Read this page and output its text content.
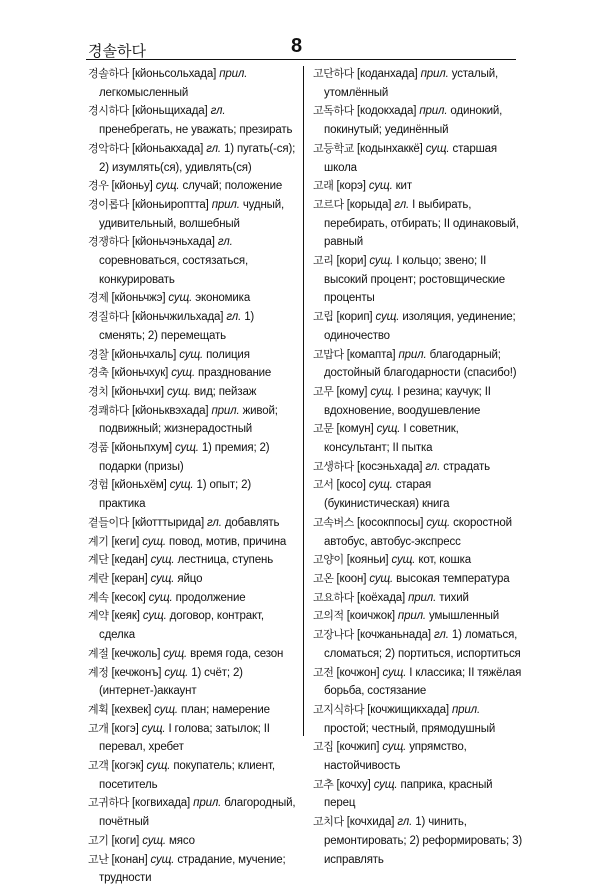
경솔하다	8

경솔하다 [кйоньсольхада] прил. легкомысленный

경시하다 [кйоньщихада] гл. пренебрегать, не уважать; презирать

경악하다 [кйоньакхада] гл. 1) пугать(-ся); 2) изумлять(ся), удивлять(ся)

경우 [кйоньу] сущ. случай; положение

경이롭다 [кйоньироптта] прил. чудный, удивительный, волшебный

경쟁하다 [кйоньчэньхада] гл. соревноваться, состязаться, конкурировать

경제 [кйоньчжэ] сущ. экономика

경질하다 [кйоньчжильхада] гл. 1) сменять; 2) перемещать

경찰 [кйоньчхаль] сущ. полиция

경축 [кйоньчхук] сущ. празднование

경치 [кйоньчхи] сущ. вид; пейзаж

경쾌하다 [кйоньквэхада] прил. живой; подвижный; жизнерадостный

경품 [кйоньпхум] сущ. 1) премия; 2) подарки (призы)

경험 [кйоньхём] сущ. 1) опыт; 2) практика

곁들이다 [кйотттырида] гл. добавлять

계기 [кеги] сущ. повод, мотив, причина

계단 [кедан] сущ. лестница, ступень

계란 [керан] сущ. яйцо

계속 [кесок] сущ. продолжение

계약 [кеяк] сущ. договор, контракт, сделка

계절 [кечжоль] сущ. время года, сезон

계정 [кечжонъ] сущ. 1) счёт; 2) (интернет-)аккаунт

계획 [кехвек] сущ. план; намерение

고개 [когэ] сущ. I голова; затылок; II перевал, хребет

고객 [когэк] сущ. покупатель; клиент, посетитель

고귀하다 [когвихада] прил. благородный, почётный

고기 [коги] сущ. мясо

고난 [конан] сущ. страдание, мучение; трудности

고단하다 [коданхада] прил. усталый, утомлённый

고독하다 [кодокхада] прил. одинокий, покинутый; уединённый

고등학교 [кодынхаккё] сущ. старшая школа

고래 [корэ] сущ. кит

고르다 [корыда] гл. I выбирать, перебирать, отбирать; II одинаковый, равный

고리 [кори] сущ. I кольцо; звено; II высокий процент; ростовщические проценты

고립 [корип] сущ. изоляция, уединение; одиночество

고맙다 [комапта] прил. благодарный; достойный благодарности (спасибо!)

고무 [кому] сущ. I резина; каучук; II вдохновение, воодушевление

고문 [комун] сущ. I советник, консультант; II пытка

고생하다 [косэньхада] гл. страдать

고서 [косо] сущ. старая (букинистическая) книга

고속버스 [косокппосы] сущ. скоростной автобус, автобус-экспресс

고양이 [кояньи] сущ. кот, кошка

고온 [коон] сущ. высокая температура

고요하다 [коёхада] прил. тихий

고의적 [коичжок] прил. умышленный

고장나다 [кочжаньнада] гл. 1) ломаться, сломаться; 2) портиться, испортиться

고전 [кочжон] сущ. I классика; II тяжёлая борьба, состязание

고지식하다 [кочжищикхада] прил. простой; честный, прямодушный

고집 [кочжип] сущ. упрямство, настойчивость

고추 [кочху] сущ. паприка, красный перец

고치다 [кочхида] гл. 1) чинить, ремонтировать; 2) реформировать; 3) исправлять
